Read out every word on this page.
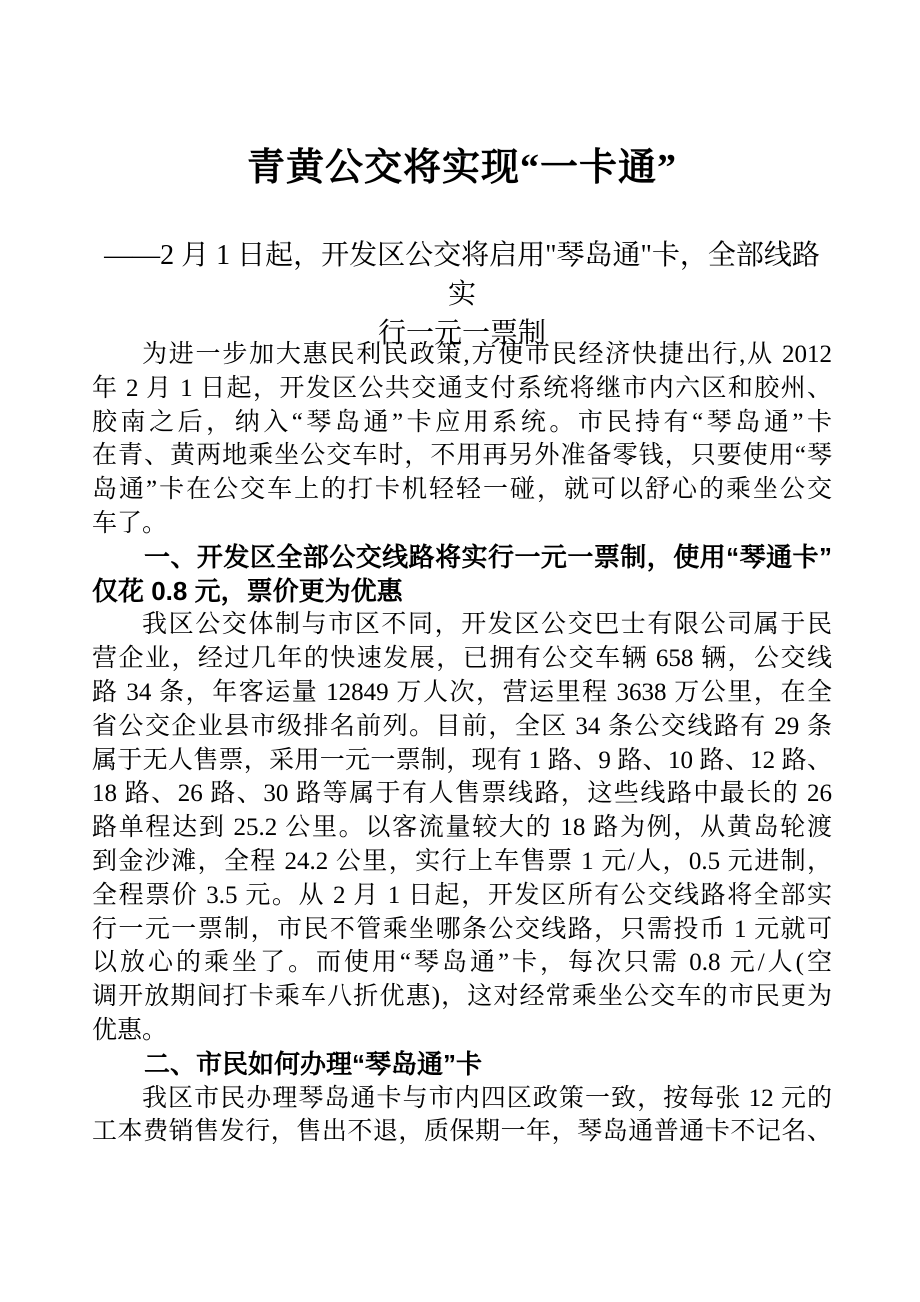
青黄公交将实现“一卡通”
——2 月 1 日起，开发区公交将启用"琴岛通"卡，全部线路实
行一元一票制
为进一步加大惠民利民政策,方便市民经济快捷出行,从 2012
年 2 月 1 日起，开发区公共交通支付系统将继市内六区和胶州、
胶南之后，纳入“琴岛通”卡应用系统。市民持有“琴岛通”卡
在青、黄两地乘坐公交车时，不用再另外准备零钱，只要使用“琴
岛通”卡在公交车上的打卡机轻轻一碰，就可以舒心的乘坐公交
车了。
一、开发区全部公交线路将实行一元一票制，使用“琴通卡”
仅花 0.8 元，票价更为优惠
我区公交体制与市区不同，开发区公交巴士有限公司属于民
营企业，经过几年的快速发展，已拥有公交车辆 658 辆，公交线
路 34 条，年客运量 12849 万人次，营运里程 3638 万公里，在全
省公交企业县市级排名前列。目前，全区 34 条公交线路有 29 条
属于无人售票，采用一元一票制，现有 1 路、9 路、10 路、12 路、
18 路、26 路、30 路等属于有人售票线路，这些线路中最长的 26
路单程达到 25.2 公里。以客流量较大的 18 路为例，从黄岛轮渡
到金沙滩，全程 24.2 公里，实行上车售票 1 元/人，0.5 元进制，
全程票价 3.5 元。从 2 月 1 日起，开发区所有公交线路将全部实
行一元一票制，市民不管乘坐哪条公交线路，只需投币 1 元就可
以放心的乘坐了。而使用“琴岛通”卡，每次只需 0.8 元/人(空
调开放期间打卡乘车八折优惠)，这对经常乘坐公交车的市民更为
优惠。
二、市民如何办理“琴岛通”卡
我区市民办理琴岛通卡与市内四区政策一致，按每张 12 元的
工本费销售发行，售出不退，质保期一年，琴岛通普通卡不记名、
